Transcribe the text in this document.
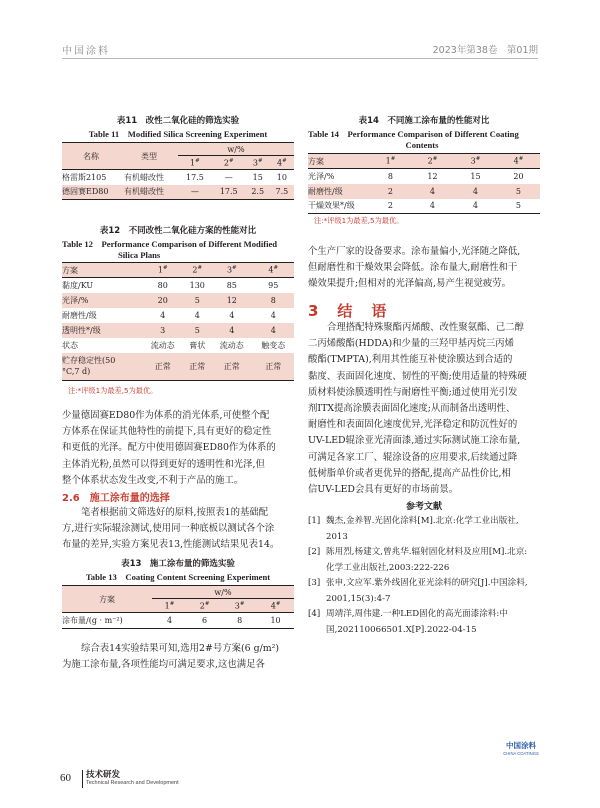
中国涂料	2023年第38卷　第01期
表11　改性二氧化硅的筛选实验
Table 11　Modified Silica Screening Experiment
名称	类型	w/%			
		1#	2#	3#	4#
格雷斯2105	有机蜡改性	17.5	—	15	10
德固赛ED80	有机蜡改性	—	17.5	2.5	7.5
表12　不同改性二氧化硅方案的性能对比
Table 12　Performance Comparison of Different Modified
Silica Plans
方案	1#	2#	3#	4#
黏度/KU	80	130	85	95
光泽/%	20	5	12	8
耐磨性/级	4	4	4	4
透明性*/级	3	5	4	4
状态	流动态	膏状	流动态	触变态

贮存稳定性(50
°C,7 d)	正常	正常	正常	正常
注:*评级1为最差,5为最优。
少量德固赛ED80作为体系的消光体系,可使整个配
方体系在保证其他特性的前提下,具有更好的稳定性
和更低的光泽。配方中使用德固赛ED80作为体系的
主体消光粉,虽然可以得到更好的透明性和光泽,但
整个体系状态发生改变,不利于产品的施工。
2.6　施工涂布量的选择
笔者根据前文筛选好的原料,按照表1的基础配
方,进行实际辊涂测试,使用同一种底板以测试各个涂
布量的差异,实验方案见表13,性能测试结果见表14。
表13　施工涂布量的筛选实验
Table 13　Coating Content Screening Experiment
方案	w/%			
	1#	2#	3#	4#
涂布量/(g · m⁻²)	4	6	8	10
综合表14实验结果可知,选用2#号方案(6 g/m²)
为施工涂布量,各项性能均可满足要求,这也满足各
表14　不同施工涂布量的性能对比
Table 14　Performance Comparison of Different Coating
Contents
方案	1#	2#	3#	4#
光泽/%	8	12	15	20
耐磨性/级	2	4	4	5
干燥效果*/级	2	4	4	5
注:*评级1为最差,5为最优。
个生产厂家的设备要求。涂布量偏小,光泽随之降低,
但耐磨性和干燥效果会降低。涂布量大,耐磨性和干
燥效果提升;但相对的光泽偏高,易产生视觉疲劳。
3　结　语
合理搭配特殊聚酯丙烯酸、改性聚氨酯、己二醇
二丙烯酸酯(HDDA)和少量的三羟甲基丙烷三丙烯
酸酯(TMPTA),利用其性能互补使涂膜达到合适的
黏度、表面固化速度、韧性的平衡;使用适量的特殊硬
质材料使涂膜透明性与耐磨性平衡;通过使用光引发
剂ITX提高涂膜表面固化速度;从而制备出透明性、
耐磨性和表面固化速度优异,光泽稳定和防沉性好的
UV-LED辊涂亚光清面漆,通过实际测试施工涂布量,
可满足各家工厂、辊涂设备的应用要求,后续通过降
低树脂单价或者更优异的搭配,提高产品性价比,相
信UV-LED会具有更好的市场前景。
参考文献
[1] 魏杰,金养智.光固化涂料[M].北京:化学工业出版社,
2013
[2] 陈用烈,杨建文,曾兆华.辐射固化材料及应用[M].北京:
化学工业出版社,2003:222-226
[3] 张申,文应军.紫外线固化亚光涂料的研究[J].中国涂料,
2001,15(3):4-7
[4] 周靖洋,周伟建.一种LED固化的高光面漆涂料:中
国,202110066501.X[P].2022-04-15
中国涂料
CHINA COATINGS
60 技术研发
Technical Research and Development
